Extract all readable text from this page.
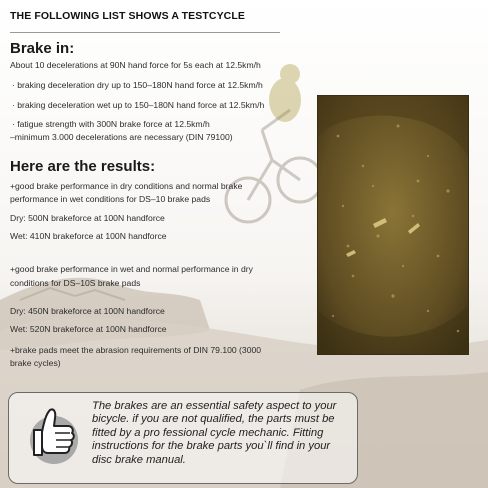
THE FOLLOWING LIST SHOWS A TESTCYCLE
Brake in:
About 10 decelerations at 90N hand force for 5s each at 12.5km/h
· braking deceleration dry up to 150–180N hand force at 12.5km/h
· braking deceleration wet up to 150–180N hand force at 12.5km/h
· fatigue strength with 300N brake force at 12.5km/h
–minimum 3.000 decelerations are necessary (DIN 79100)
Here are the results:
+good brake performance in dry conditions and normal brake
performance in wet conditions for DS–10 brake pads
Dry: 500N brakeforce at 100N handforce
Wet: 410N brakeforce at 100N handforce
+good brake performance in wet and normal performance in dry
conditions for DS–10S brake pads
Dry: 450N brakeforce at 100N handforce
Wet: 520N brakeforce at 100N handforce
+brake pads meet the abrasion requirements of DIN 79.100 (3000
brake cycles)
The brakes are an essential safety aspect to your
bicycle. if you are not qualified, the parts must be
fitted by a pro fessional cycle mechanic. Fitting
instructions for the brake parts you`ll find in your
disc brake manual.
